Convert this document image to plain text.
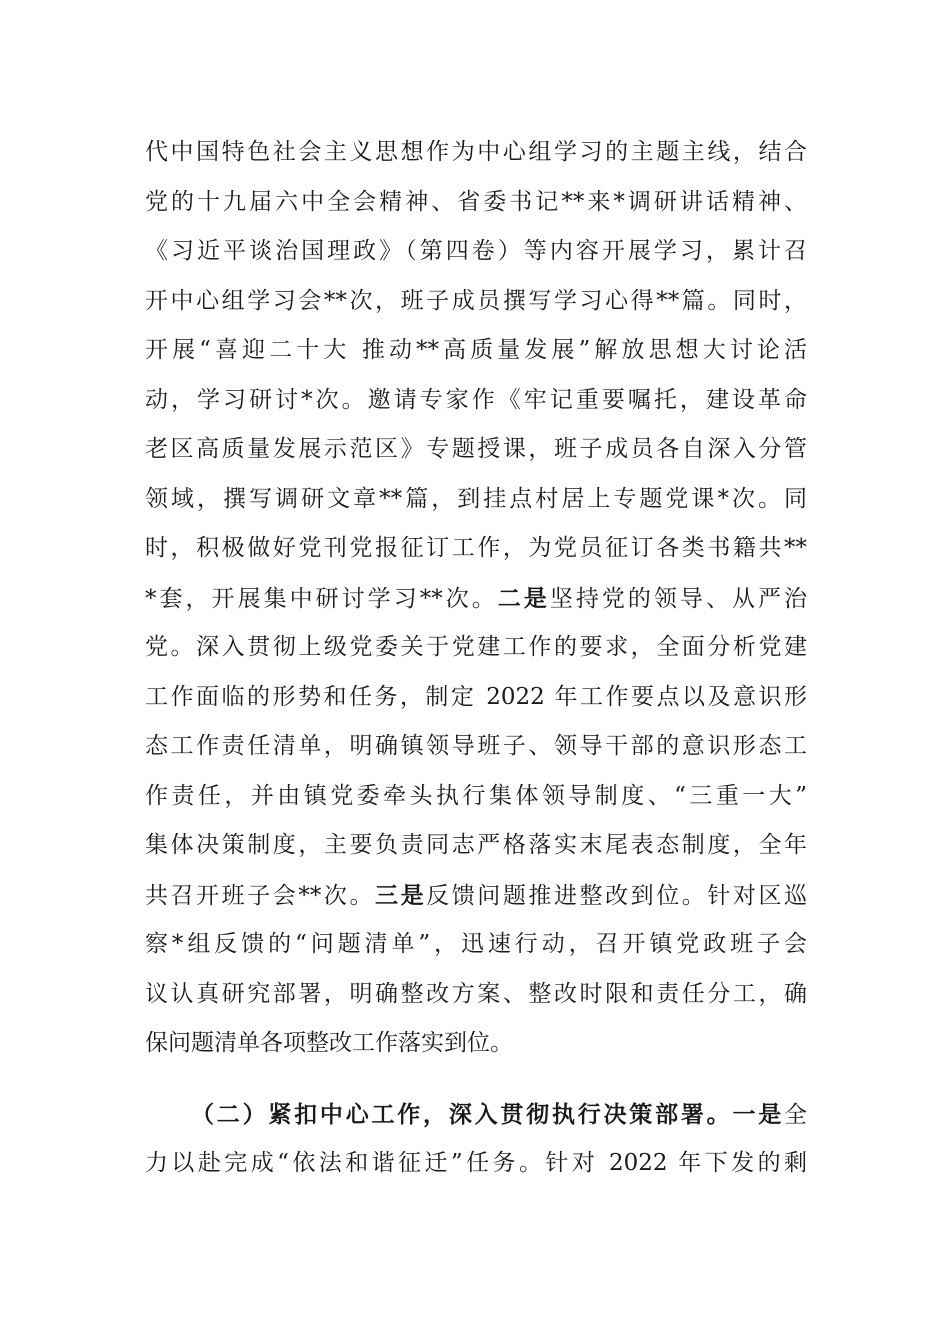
代中国特色社会主义思想作为中心组学习的主题主线，结合
党的十九届六中全会精神、省委书记**来*调研讲话精神、
《习近平谈治国理政》（第四卷）等内容开展学习，累计召
开中心组学习会**次，班子成员撰写学习心得**篇。同时，
开展“喜迎二十大 推动**高质量发展”解放思想大讨论活
动，学习研讨*次。邀请专家作《牢记重要嘱托，建设革命
老区高质量发展示范区》专题授课，班子成员各自深入分管
领域，撰写调研文章**篇，到挂点村居上专题党课*次。同
时，积极做好党刊党报征订工作，为党员征订各类书籍共**
*套，开展集中研讨学习**次。二是坚持党的领导、从严治
党。深入贯彻上级党委关于党建工作的要求，全面分析党建
工作面临的形势和任务，制定 2022 年工作要点以及意识形
态工作责任清单，明确镇领导班子、领导干部的意识形态工
作责任，并由镇党委牵头执行集体领导制度、“三重一大”
集体决策制度，主要负责同志严格落实末尾表态制度，全年
共召开班子会**次。三是反馈问题推进整改到位。针对区巡
察*组反馈的“问题清单”，迅速行动，召开镇党政班子会
议认真研究部署，明确整改方案、整改时限和责任分工，确
保问题清单各项整改工作落实到位。
（二）紧扣中心工作，深入贯彻执行决策部署。一是全
力以赴完成“依法和谐征迁”任务。针对 2022 年下发的剩
